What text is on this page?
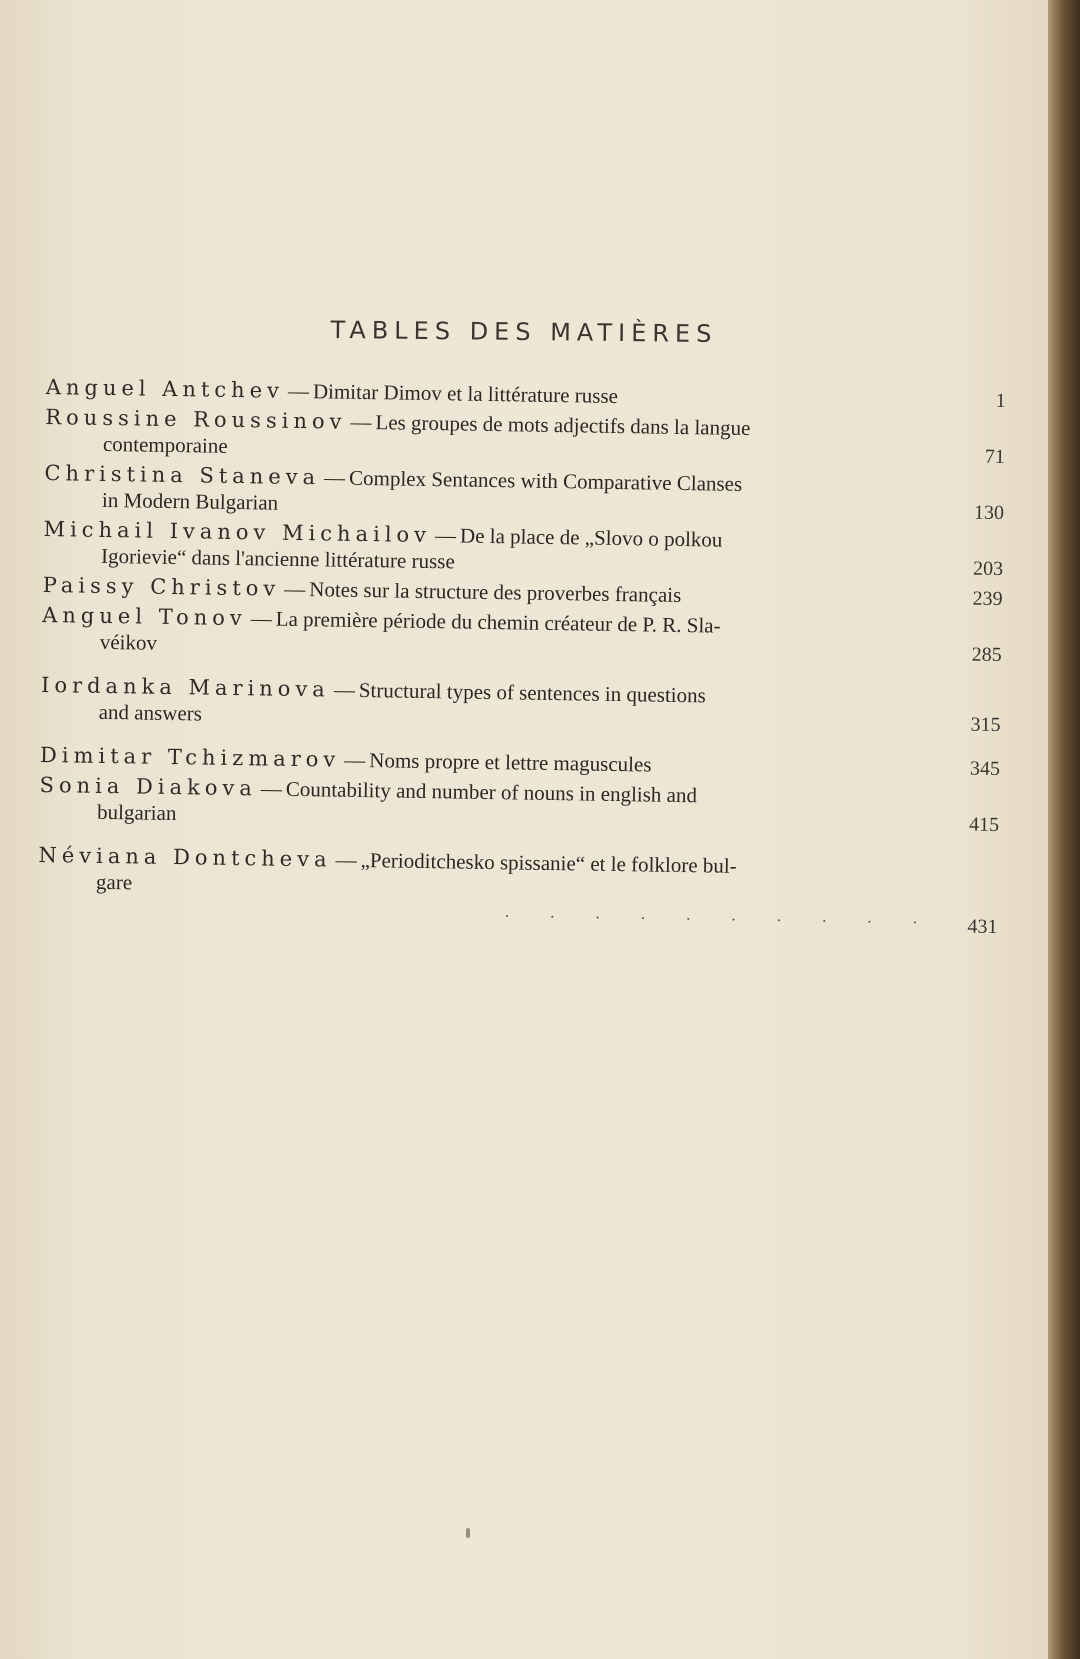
TABLES DES MATIÈRES
Anguel Antchev — Dimitar Dimov et la littérature russe	1
Roussine Roussinov — Les groupes de mots adjectifs dans la langue
contemporaine	71
Christina Staneva — Complex Sentances with Comparative Clanses
in Modern Bulgarian	130
Michail Ivanov Michailov — De la place de „Slovo o polkou
Igorievie“ dans l'ancienne littérature russe	203
Paissy Christov — Notes sur la structure des proverbes français	239
Anguel Tonov — La première période du chemin créateur de P. R. Sla-
véikov
285
Iordanka Marinova — Structural types of sentences in questions
and answers	315
Dimitar Tchizmarov — Noms propre et lettre maguscules	345
Sonia Diakova — Countability and number of nouns in english and
bulgarian	415
Néviana Dontcheva — „Perioditchesko spissanie“ et le folklore bul-
gare
· · · · · · · · · · 431
